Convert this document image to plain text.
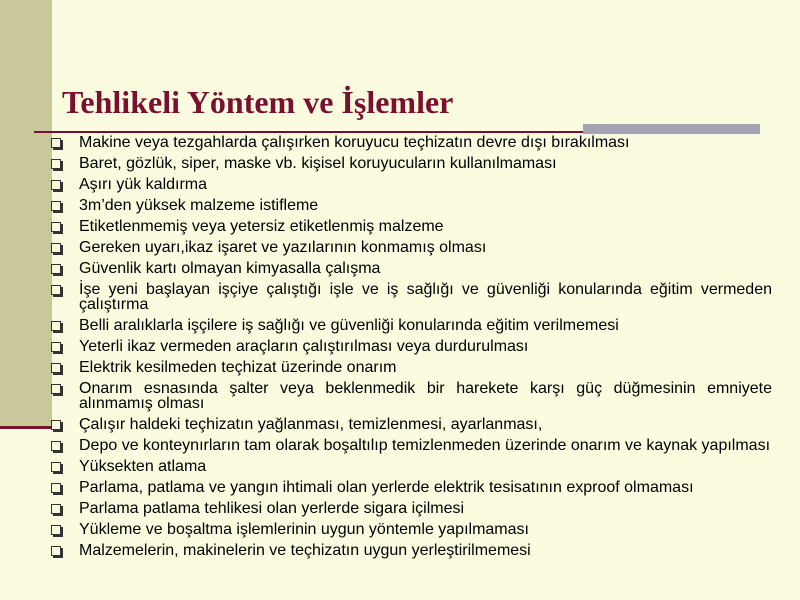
Tehlikeli Yöntem ve İşlemler
Makine veya tezgahlarda çalışırken koruyucu teçhizatın devre dışı bırakılması
Baret, gözlük, siper, maske vb. kişisel koruyucuların kullanılmaması
Aşırı yük kaldırma
3m’den yüksek malzeme istifleme
Etiketlenmemiş veya yetersiz etiketlenmiş malzeme
Gereken uyarı,ikaz işaret ve yazılarının konmamış olması
Güvenlik kartı olmayan kimyasalla çalışma
İşe yeni başlayan işçiye çalıştığı işle ve iş sağlığı ve güvenliği konularında eğitim vermeden çalıştırma
Belli aralıklarla işçilere iş sağlığı ve güvenliği konularında eğitim verilmemesi
Yeterli ikaz vermeden araçların çalıştırılması veya durdurulması
Elektrik kesilmeden teçhizat üzerinde onarım
Onarım esnasında şalter veya beklenmedik bir harekete karşı güç düğmesinin emniyete alınmamış olması
Çalışır haldeki teçhizatın yağlanması, temizlenmesi, ayarlanması,
Depo ve konteynırların tam olarak boşaltılıp temizlenmeden üzerinde onarım ve kaynak yapılması
Yüksekten atlama
Parlama, patlama ve yangın ihtimali olan yerlerde elektrik tesisatının exproof olmaması
Parlama patlama tehlikesi olan yerlerde sigara içilmesi
Yükleme ve boşaltma işlemlerinin uygun yöntemle yapılmaması
Malzemelerin, makinelerin ve teçhizatın uygun yerleştirilmemesi
